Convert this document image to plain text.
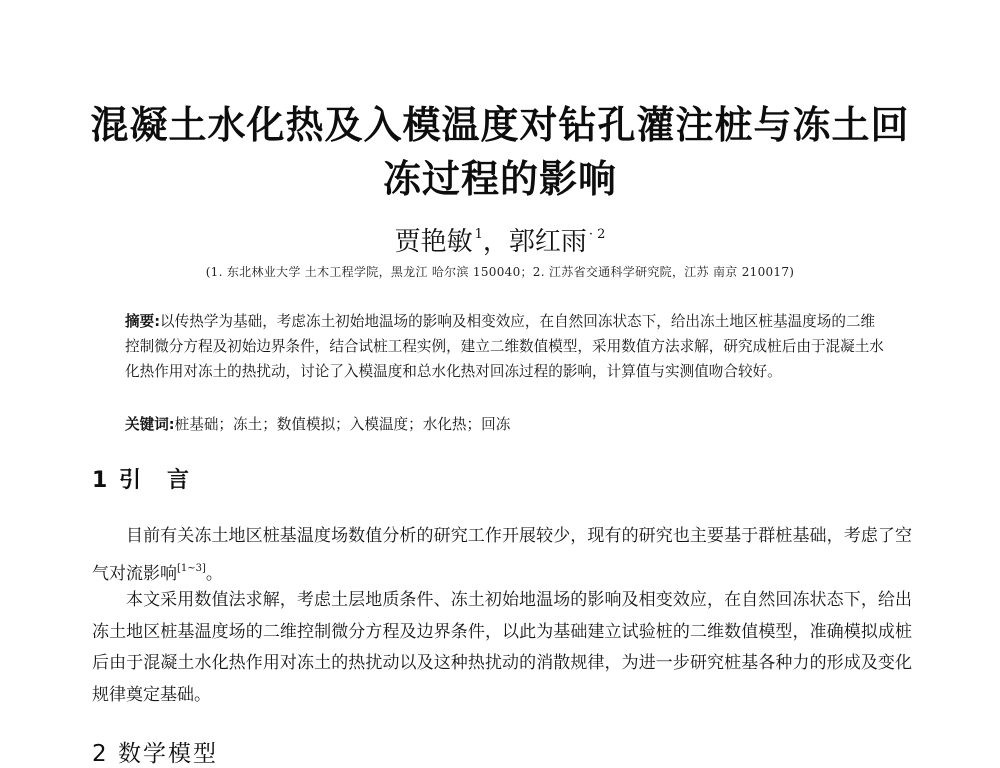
混凝土水化热及入模温度对钻孔灌注桩与冻土回
冻过程的影响
贾艳敏 $^1$，郭红雨 $^{\cdot 2}$
(1. 东北林业大学 土木工程学院，黑龙江 哈尔滨 150040；2. 江苏省交通科学研究院，江苏 南京 210017)
摘要:以传热学为基础，考虑冻土初始地温场的影响及相变效应，在自然回冻状态下，给出冻土地区桩基温度场的二维控制微分方程及初始边界条件，结合试桩工程实例，建立二维数值模型，采用数值方法求解，研究成桩后由于混凝土水化热作用对冻土的热扰动，讨论了入模温度和总水化热对回冻过程的影响，计算值与实测值吻合较好。
关键词:桩基础；冻土；数值模拟；入模温度；水化热；回冻
1 引　言
目前有关冻土地区桩基温度场数值分析的研究工作开展较少，现有的研究也主要基于群桩基础，考虑了空气对流影响[1~3]。
本文采用数值法求解，考虑土层地质条件、冻土初始地温场的影响及相变效应，在自然回冻状态下，给出冻土地区桩基温度场的二维控制微分方程及边界条件，以此为基础建立试验桩的二维数值模型，准确模拟成桩后由于混凝土水化热作用对冻土的热扰动以及这种热扰动的消散规律，为进一步研究桩基各种力的形成及变化规律奠定基础。
2 数学模型
